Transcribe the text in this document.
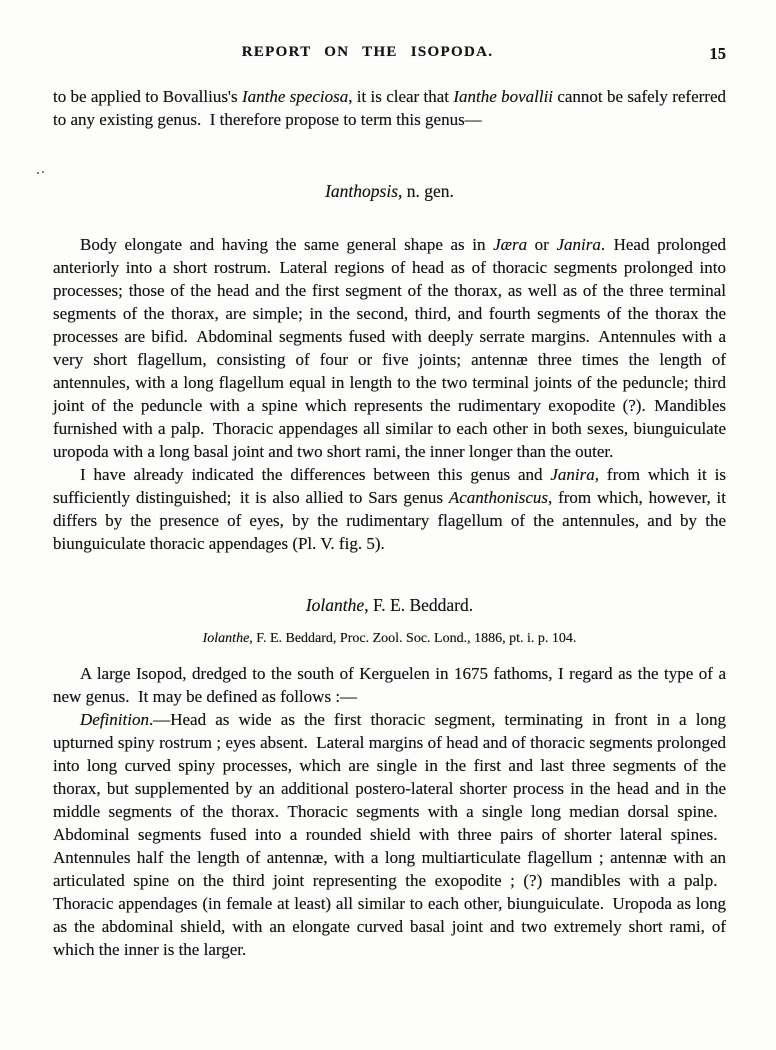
REPORT ON THE ISOPODA.	15

to be applied to Bovallius's Ianthe speciosa, it is clear that Ianthe bovallii cannot be safely referred to any existing genus. I therefore propose to term this genus—

Ianthopsis, n. gen.

Body elongate and having the same general shape as in Jæra or Janira. Head prolonged anteriorly into a short rostrum. Lateral regions of head as of thoracic segments prolonged into processes; those of the head and the first segment of the thorax, as well as of the three terminal segments of the thorax, are simple; in the second, third, and fourth segments of the thorax the processes are bifid. Abdominal segments fused with deeply serrate margins. Antennules with a very short flagellum, consisting of four or five joints; antennæ three times the length of antennules, with a long flagellum equal in length to the two terminal joints of the peduncle; third joint of the peduncle with a spine which represents the rudimentary exopodite (?). Mandibles furnished with a palp. Thoracic appendages all similar to each other in both sexes, biunguiculate uropoda with a long basal joint and two short rami, the inner longer than the outer.

I have already indicated the differences between this genus and Janira, from which it is sufficiently distinguished; it is also allied to Sars genus Acanthoniscus, from which, however, it differs by the presence of eyes, by the rudimentary flagellum of the antennules, and by the biunguiculate thoracic appendages (Pl. V. fig. 5).

Iolanthe, F. E. Beddard.

Iolanthe, F. E. Beddard, Proc. Zool. Soc. Lond., 1886, pt. i. p. 104.

A large Isopod, dredged to the south of Kerguelen in 1675 fathoms, I regard as the type of a new genus. It may be defined as follows :—

Definition.—Head as wide as the first thoracic segment, terminating in front in a long upturned spiny rostrum ; eyes absent. Lateral margins of head and of thoracic segments prolonged into long curved spiny processes, which are single in the first and last three segments of the thorax, but supplemented by an additional postero-lateral shorter process in the head and in the middle segments of the thorax. Thoracic segments with a single long median dorsal spine. Abdominal segments fused into a rounded shield with three pairs of shorter lateral spines. Antennules half the length of antennæ, with a long multiarticulate flagellum ; antennæ with an articulated spine on the third joint representing the exopodite ; (?) mandibles with a palp. Thoracic appendages (in female at least) all similar to each other, biunguiculate. Uropoda as long as the abdominal shield, with an elongate curved basal joint and two extremely short rami, of which the inner is the larger.
